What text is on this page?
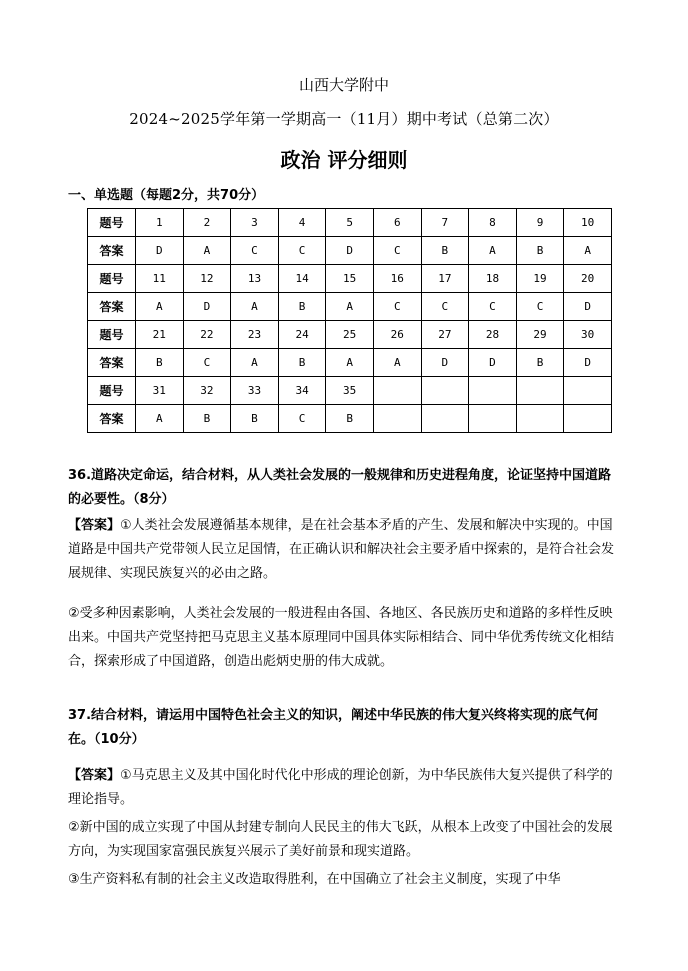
山西大学附中
2024~2025学年第一学期高一（11月）期中考试（总第二次）
政治 评分细则
一、单选题（每题2分，共70分）
题号	1	2	3	4	5	6	7	8	9	10
答案	D	A	C	C	D	C	B	A	B	A
题号	11	12	13	14	15	16	17	18	19	20
答案	A	D	A	B	A	C	C	C	C	D
题号	21	22	23	24	25	26	27	28	29	30
答案	B	C	A	B	A	A	D	D	B	D
题号	31	32	33	34	35					
答案	A	B	B	C	B					
36.道路决定命运，结合材料，从人类社会发展的一般规律和历史进程角度，论证坚持中国道路的必要性。（8分）
【答案】①人类社会发展遵循基本规律，是在社会基本矛盾的产生、发展和解决中实现的。中国道路是中国共产党带领人民立足国情，在正确认识和解决社会主要矛盾中探索的，是符合社会发展规律、实现民族复兴的必由之路。
②受多种因素影响，人类社会发展的一般进程由各国、各地区、各民族历史和道路的多样性反映出来。中国共产党坚持把马克思主义基本原理同中国具体实际相结合、同中华优秀传统文化相结合，探索形成了中国道路，创造出彪炳史册的伟大成就。
37.结合材料，请运用中国特色社会主义的知识，阐述中华民族的伟大复兴终将实现的底气何在。（10分）
【答案】①马克思主义及其中国化时代化中形成的理论创新，为中华民族伟大复兴提供了科学的理论指导。
②新中国的成立实现了中国从封建专制向人民民主的伟大飞跃，从根本上改变了中国社会的发展方向，为实现国家富强民族复兴展示了美好前景和现实道路。
③生产资料私有制的社会主义改造取得胜利，在中国确立了社会主义制度，实现了中华
